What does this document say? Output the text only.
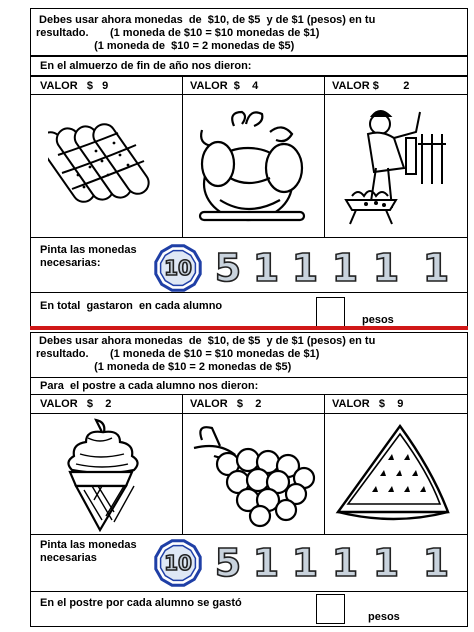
Debes usar ahora monedas  de  $10, de $5  y de $1 (pesos) en tu
resultado.       (1 moneda de $10 = $10 monedas de $1)
(1 moneda de  $10 = 2 monedas de $5)
En el almuerzo de fin de año nos dieron:
VALOR   $   9	VALOR  $    4	VALOR $        2
Pinta las monedas
necesarias:	10 5 1 1 1 1 1
En total  gastaron  en cada alumno
pesos
Debes usar ahora monedas  de  $10, de $5  y de $1 (pesos) en tu
resultado.       (1 moneda de $10 = $10 monedas de $1)
(1 moneda de $10 = 2 monedas de $5)
Para  el postre a cada alumno nos dieron:
VALOR   $    2	VALOR   $    2	VALOR   $    9
Pinta las monedas
necesarias	10 5 1 1 1 1 1
En el postre por cada alumno se gastó
pesos
